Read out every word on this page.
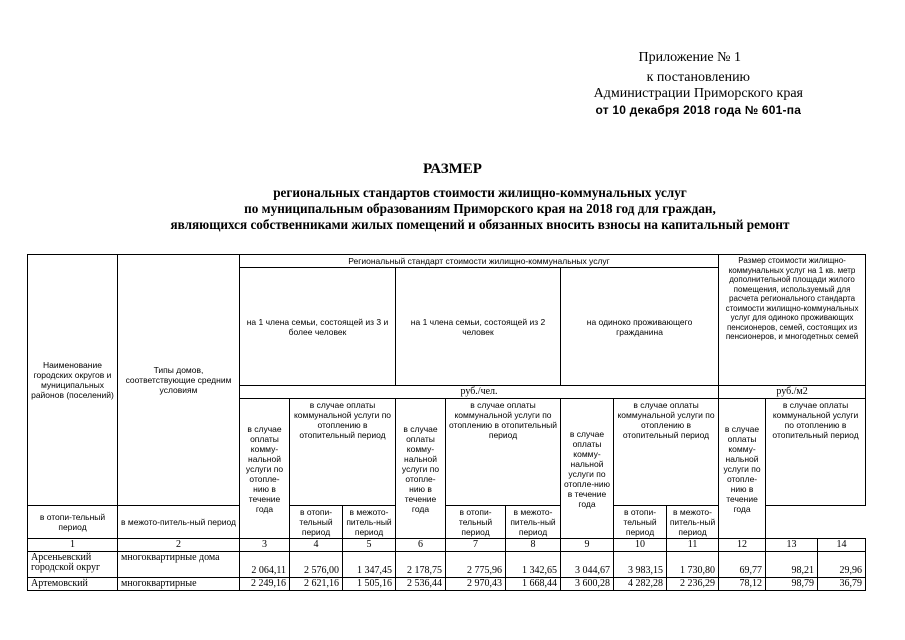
Приложение № 1
к постановлению
Администрации Приморского края
от 10 декабря 2018 года № 601-па
РАЗМЕР
региональных стандартов стоимости жилищно-коммунальных услуг
по муниципальным образованиям Приморского края на 2018 год для граждан,
являющихся собственниками жилых помещений и обязанных вносить взносы на капитальный ремонт
Наименование городских округов и муниципальных районов (поселений)	Типы домов, соответствующие средним условиям	Региональный стандарт стоимости жилищно-коммунальных услуг									Размер стоимости жилищно-коммунальных услуг на 1 кв. метр дополнительной площади жилого помещения, используемый для расчета регионального стандарта стоимости жилищно-коммунальных услуг для одиноко проживающих пенсионеров, семей, состоящих из пенсионеров, и многодетных семей		
		на 1 члена семьи, состоящей из 3 и более человек			на 1 члена семьи, состоящей из 2 человек			на одиноко проживающего гражданина					
		руб./чел.									руб./м2		
		в случае оплаты комму-нальной услуги по отопле-нию в течение года	в случае оплаты коммунальной услуги по отоплению в отопительный период		в случае оплаты комму-нальной услуги по отопле-нию в течение года	в случае оплаты коммунальной услуги по отоплению в отопительный период		в случае оплаты комму-нальной услуги по отопле-нию в течение года	в случае оплаты коммунальной услуги по отоплению в отопительный период		в случае оплаты комму-нальной услуги по отопле-нию в течение года	в случае оплаты коммунальной услуги по отоплению в отопительный период	
в отопи-тельный период	в межото-питель-ный период		в отопи-тельный период	в межото-питель-ный период		в отопи-тельный период	в межото-питель-ный период		в отопи-тельный период	в межото-питель-ный период			
1	2	3	4	5	6	7	8	9	10	11	12	13	14
Арсеньевский городской округ	многоквартирные дома	2 064,11	2 576,00	1 347,45	2 178,75	2 775,96	1 342,65	3 044,67	3 983,15	1 730,80	69,77	98,21	29,96
Артемовский	многоквартирные	2 249,16	2 621,16	1 505,16	2 536,44	2 970,43	1 668,44	3 600,28	4 282,28	2 236,29	78,12	98,79	36,79
